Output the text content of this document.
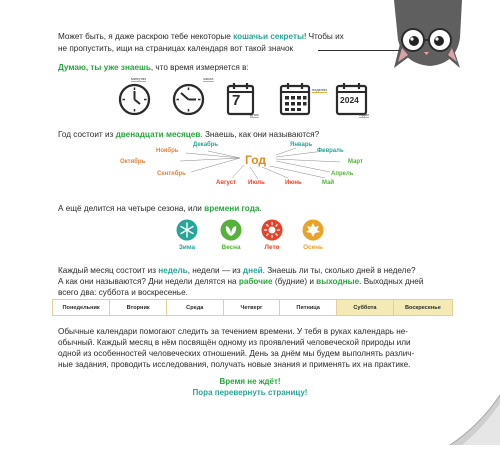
Может быть, я даже раскрою тебе некоторые кошачьи секреты! Чтобы их

не пропустить, ищи на страницах календаря вот такой значок

Думаю, ты уже знаешь, что время измеряется в:

минутах	часах
неделях
7
днях
2024
годах

Год состоит из двенадцати месяцев. Знаешь, как они называются?

Год
Ноябрь
Декабрь	Январь
Февраль
Октябрь	Март
Сентябрь	Апрель
Август Июль	Июнь	Май

А ещё делится на четыре сезона, или времени года.

Зима	Весна	Лето	Осень

Каждый месяц состоит из недель, недели — из дней. Знаешь ли ты, сколько дней в неделе?

А как они называются? Дни недели делятся на рабочие (будние) и выходные. Выходных дней

всего два: суббота и воскресенье.

Понедельник	Вторник	Среда	Четверг	Пятница	Суббота	Воскресенье

Обычные календари помогают следить за течением времени. У тебя в руках календарь не-

обычный. Каждый месяц в нём посвящён одному из проявлений человеческой природы или

одной из особенностей человеческих отношений. День за днём мы будем выполнять различ-

ные задания, проводить исследования, получать новые знания и применять их на практике.

Время не ждёт!
Пора перевернуть страницу!
